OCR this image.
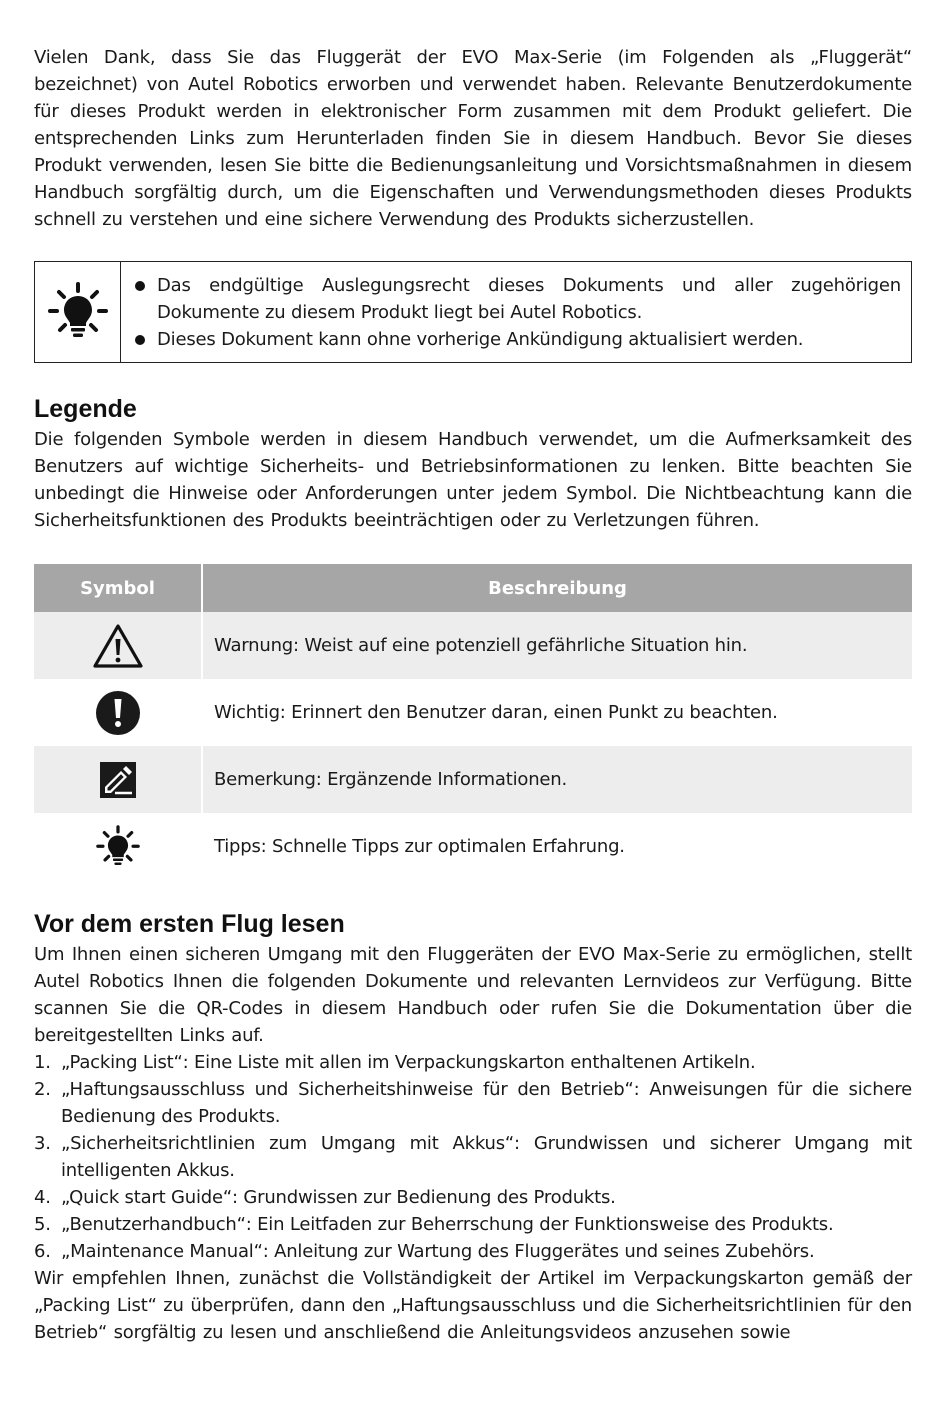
Vielen Dank, dass Sie das Fluggerät der EVO Max-Serie (im Folgenden als „Fluggerät“ bezeichnet) von Autel Robotics erworben und verwendet haben. Relevante Benutzerdokumente für dieses Produkt werden in elektronischer Form zusammen mit dem Produkt geliefert. Die entsprechenden Links zum Herunterladen finden Sie in diesem Handbuch. Bevor Sie dieses Produkt verwenden, lesen Sie bitte die Bedienungsanleitung und Vorsichtsmaßnahmen in diesem Handbuch sorgfältig durch, um die Eigenschaften und Verwendungsmethoden dieses Produkts schnell zu verstehen und eine sichere Verwendung des Produkts sicherzustellen.

Das endgültige Auslegungsrecht dieses Dokuments und aller zugehörigen Dokumente zu diesem Produkt liegt bei Autel Robotics.
Dieses Dokument kann ohne vorherige Ankündigung aktualisiert werden.
Legende

Die folgenden Symbole werden in diesem Handbuch verwendet, um die Aufmerksamkeit des Benutzers auf wichtige Sicherheits- und Betriebsinformationen zu lenken. Bitte beachten Sie unbedingt die Hinweise oder Anforderungen unter jedem Symbol. Die Nichtbeachtung kann die Sicherheitsfunktionen des Produkts beeinträchtigen oder zu Verletzungen führen.

Symbol	Beschreibung

	Warnung: Weist auf eine potenziell gefährliche Situation hin.

	Wichtig: Erinnert den Benutzer daran, einen Punkt zu beachten.

	Bemerkung: Ergänzende Informationen.

	Tipps: Schnelle Tipps zur optimalen Erfahrung.
Vor dem ersten Flug lesen

Um Ihnen einen sicheren Umgang mit den Fluggeräten der EVO Max-Serie zu ermöglichen, stellt Autel Robotics Ihnen die folgenden Dokumente und relevanten Lernvideos zur Verfügung. Bitte scannen Sie die QR-Codes in diesem Handbuch oder rufen Sie die Dokumentation über die bereitgestellten Links auf.

1. „Packing List“: Eine Liste mit allen im Verpackungskarton enthaltenen Artikeln.
2. „Haftungsausschluss und Sicherheitshinweise für den Betrieb“: Anweisungen für die sichere Bedienung des Produkts.
3. „Sicherheitsrichtlinien zum Umgang mit Akkus“: Grundwissen und sicherer Umgang mit intelligenten Akkus.
4. „Quick start Guide“: Grundwissen zur Bedienung des Produkts.
5. „Benutzerhandbuch“: Ein Leitfaden zur Beherrschung der Funktionsweise des Produkts.
6. „Maintenance Manual“: Anleitung zur Wartung des Fluggerätes und seines Zubehörs.

Wir empfehlen Ihnen, zunächst die Vollständigkeit der Artikel im Verpackungskarton gemäß der „Packing List“ zu überprüfen, dann den „Haftungsausschluss und die Sicherheitsrichtlinien für den Betrieb“ sorgfältig zu lesen und anschließend die Anleitungsvideos anzusehen sowie
